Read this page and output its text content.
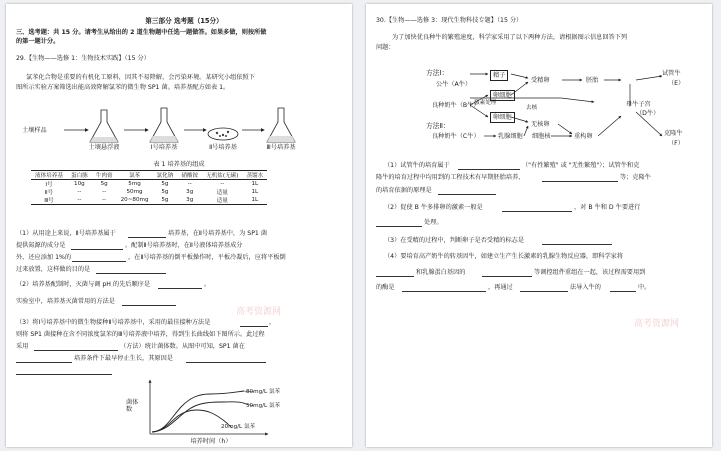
第三部分 选考题（15分）
三、选考题：共 15 分。请考生从给出的 2 道生物题中任选一题做答。如果多做，则按所做
的第一题计分。
29.【生物——选修 1：生物技术实践】（15 分）
氯苯化合物是重要的有机化工原料，因其不易降解，会污染环境。某研究小组依照下
图所示实验方案筛选出能高效降解氯苯的微生物 SP1 菌。培养基配方如表 1。
土壤样品
土壤悬浮液	Ⅰ号培养基	Ⅱ号培养基	Ⅲ号培养基
表 1 培养基的组成
液体培养基	蛋白胨	牛肉膏	氯苯	氯化钠	硝酸铵	无机盐(无碳)	蒸馏水
Ⅰ号	10g	5g	5mg	5g	--	--	1L
Ⅱ号	--	--	50mg	5g	3g	适量	1L
Ⅲ号	--	--	20~80mg	5g	3g	适量	1L
（1）从用途上来说，Ⅱ号培养基属于	培养基，在Ⅱ号培养基中，为 SP1 菌
提供氮源的成分是	。配制Ⅱ号培养基时，在Ⅱ号液体培养基成分
外，还应添加 1%的	，在Ⅱ号培养基的倒平板操作时，平板冷凝后，应将平板倒
过来放置，这样做的目的是
（2）培养基配制时，灭菌与调 pH 的先后顺序是	。
实验室中，培养基灭菌常用的方法是
（3）将Ⅰ号培养基中的微生物接种Ⅱ号培养基中，采用的最佳接种方法是	，
则将 SP1 菌接种在含不同浓度氯苯的Ⅲ号培养液中培养，得到生长曲线如下图所示。此过程
采用	（方法）统计菌体数。从图中可知，SP1 菌在
培养条件下最早停止生长，其原因是
菌体数
培养时间（h）
80mg/L 氯苯
50mg/L 氯苯
20mg/L 氯苯
高考资源网
30.【生物——选修 3：现代生物科技专题】（15 分）
为了加快优良种牛的繁殖速度，科学家采用了以下两种方法，请根据图示信息回答下列
问题：
方法Ⅰ：
方法Ⅱ：
公牛（A牛）
精子
受精卵	胚胎
试管牛
（E）
良种奶牛（B牛）
卵细胞
卵细胞
激素处理	母牛子宫
（D牛）
去核
无核卵
良种奶牛（C牛）	乳腺细胞 细胞核	重构卵	克隆牛
（F）
（1）试管牛的培育属于	（"有性繁殖" 或 "无性繁殖"）；试管牛和克
隆牛的培育过程中均用到的工程技术有早期胚胎培养、	等；克隆牛
的培育依据的原理是
（2）促使 B 牛多排卵的激素一般是	，对 B 牛和 D 牛要进行
处理。
（3）在受精的过程中，判断卵子是否受精的标志是
（4）要培育高产奶牛的转基因牛，如建立生产生长激素的乳腺生物反应器，即科学家将
和乳腺蛋白基因的	等调控组件重组在一起，该过程需要用到
的酶是	，再通过	法导入牛的	中。
高考资源网
